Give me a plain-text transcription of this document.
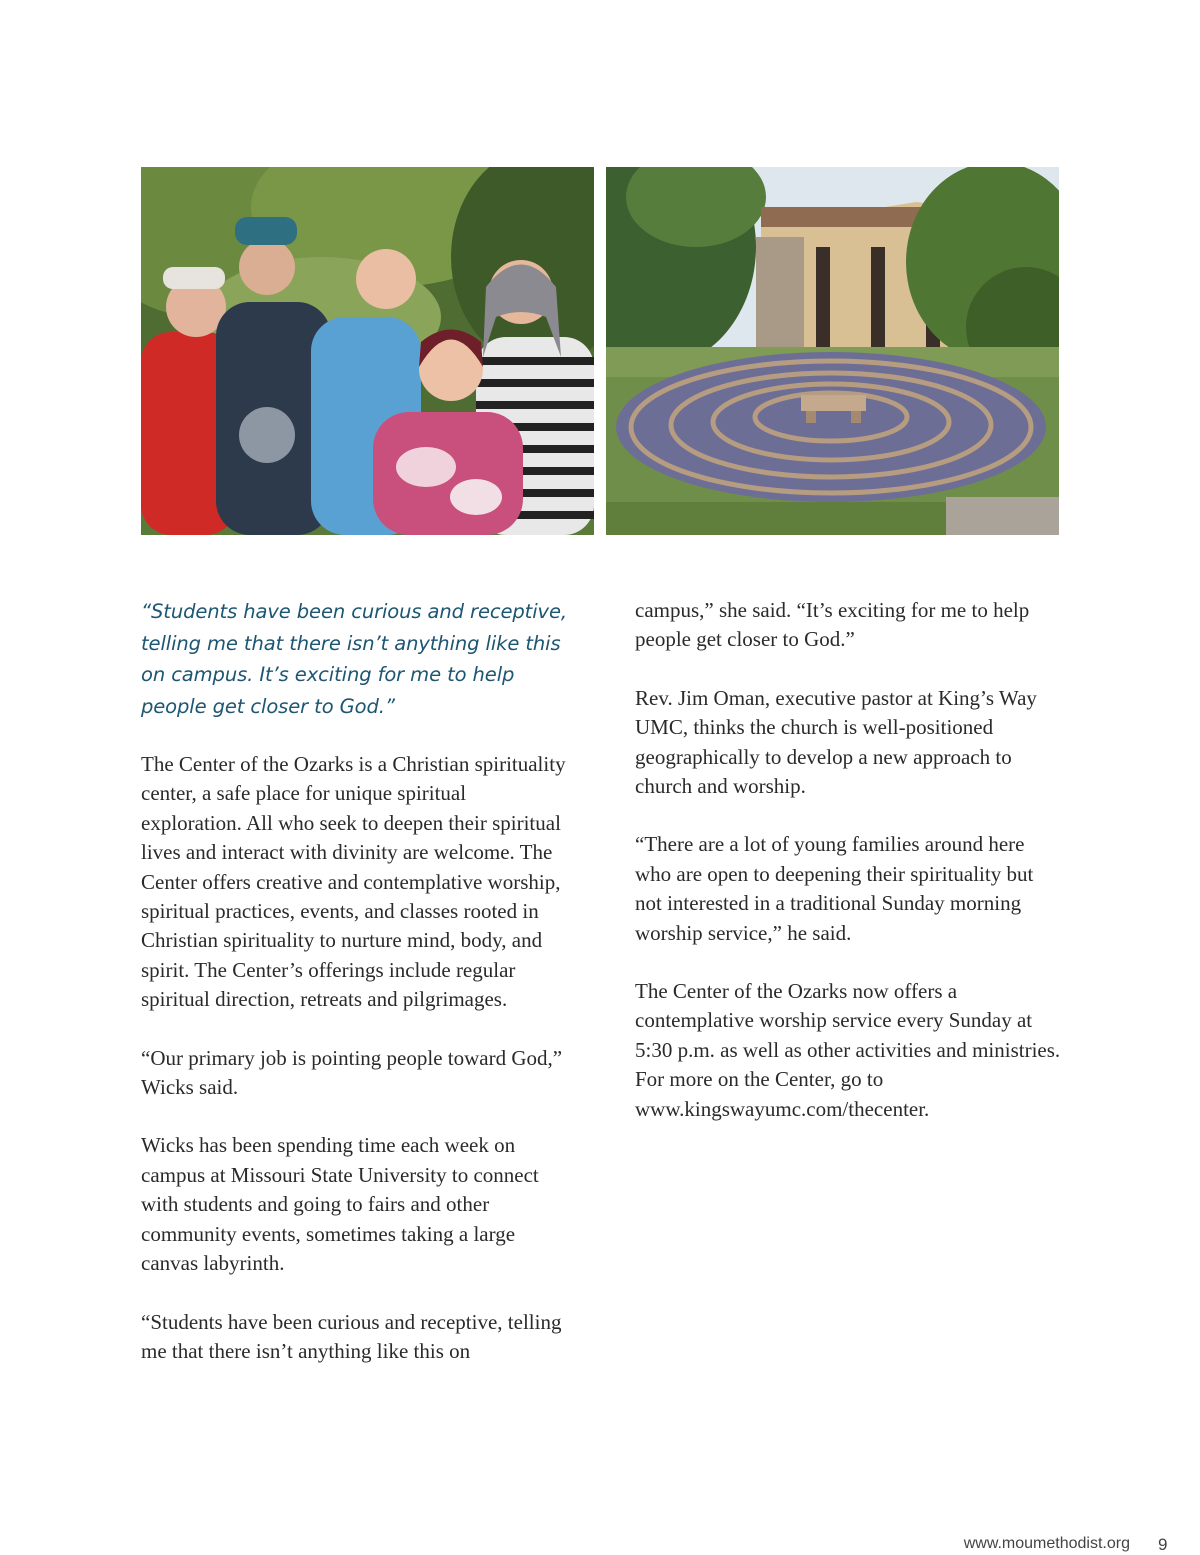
“Students have been curious and receptive, telling me that there isn’t anything like this on campus. It’s exciting for me to help people get closer to God.”

The Center of the Ozarks is a Christian spirituality center, a safe place for unique spiritual exploration. All who seek to deepen their spiritual lives and interact with divinity are welcome. The Center offers creative and contemplative worship, spiritual practices, events, and classes rooted in Christian spirituality to nurture mind, body, and spirit. The Center’s offerings include regular spiritual direction, retreats and pilgrimages.

“Our primary job is pointing people toward God,” Wicks said.

Wicks has been spending time each week on campus at Missouri State University to connect with students and going to fairs and other community events, sometimes taking a large canvas labyrinth.

“Students have been curious and receptive, telling me that there isn’t anything like this on

campus,” she said. “It’s exciting for me to help people get closer to God.”

Rev. Jim Oman, executive pastor at King’s Way UMC, thinks the church is well-positioned geographically to develop a new approach to church and worship.

“There are a lot of young families around here who are open to deepening their spirituality but not interested in a traditional Sunday morning worship service,” he said.

The Center of the Ozarks now offers a contemplative worship service every Sunday at 5:30 p.m. as well as other activities and ministries. For more on the Center, go to www.kingswayumc.com/thecenter.

www.moumethodist.org 9
